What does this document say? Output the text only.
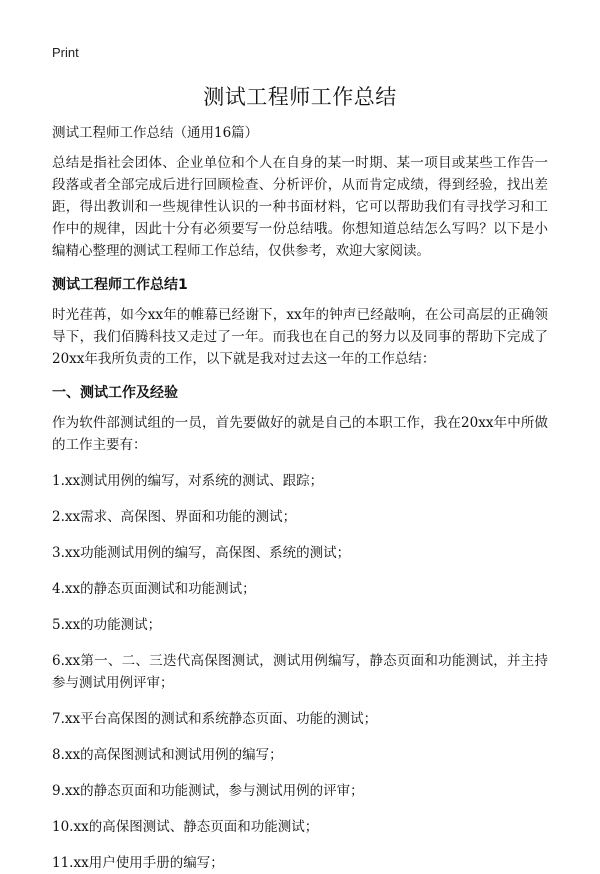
Print
测试工程师工作总结
测试工程师工作总结（通用16篇）

总结是指社会团体、企业单位和个人在自身的某一时期、某一项目或某些工作告一段落或者全部完成后进行回顾检查、分析评价，从而肯定成绩，得到经验，找出差距，得出教训和一些规律性认识的一种书面材料，它可以帮助我们有寻找学习和工作中的规律，因此十分有必须要写一份总结哦。你想知道总结怎么写吗？以下是小编精心整理的测试工程师工作总结，仅供参考，欢迎大家阅读。

测试工程师工作总结1

时光荏苒，如今xx年的帷幕已经谢下，xx年的钟声已经敲响，在公司高层的正确领导下，我们佰腾科技又走过了一年。而我也在自己的努力以及同事的帮助下完成了20xx年我所负责的工作，以下就是我对过去这一年的工作总结：

一、测试工作及经验

作为软件部测试组的一员，首先要做好的就是自己的本职工作，我在20xx年中所做的工作主要有：

1.xx测试用例的编写，对系统的测试、跟踪；
2.xx需求、高保图、界面和功能的测试；
3.xx功能测试用例的编写，高保图、系统的测试；
4.xx的静态页面测试和功能测试；
5.xx的功能测试；
6.xx第一、二、三迭代高保图测试，测试用例编写，静态页面和功能测试，并主持参与测试用例评审；
7.xx平台高保图的测试和系统静态页面、功能的测试；
8.xx的高保图测试和测试用例的编写；
9.xx的静态页面和功能测试，参与测试用例的评审；
10.xx的高保图测试、静态页面和功能测试；
11.xx用户使用手册的编写；
